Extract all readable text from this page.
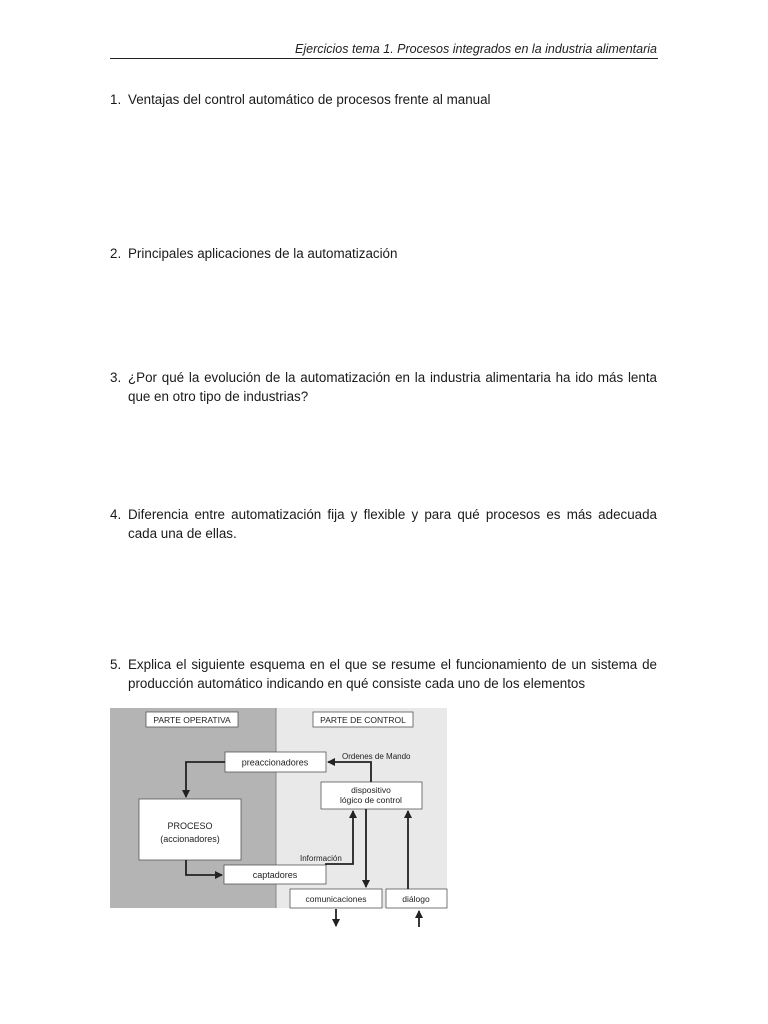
Ejercicios tema 1. Procesos integrados en la industria alimentaria
1. Ventajas del control automático de procesos frente al manual
2. Principales aplicaciones de la automatización
3. ¿Por qué la evolución de la automatización en la industria alimentaria ha ido más lenta que en otro tipo de industrias?
4. Diferencia entre automatización fija y flexible y para qué procesos es más adecuada cada una de ellas.
5. Explica el siguiente esquema en el que se resume el funcionamiento de un sistema de producción automático indicando en qué consiste cada uno de los elementos
PARTE OPERATIVA	PARTE DE CONTROL
preaccionadores
Ordenes de Mando
dispositivo
lógico de control
PROCESO
(accionadores)
Información
captadores
comunicaciones	diálogo
